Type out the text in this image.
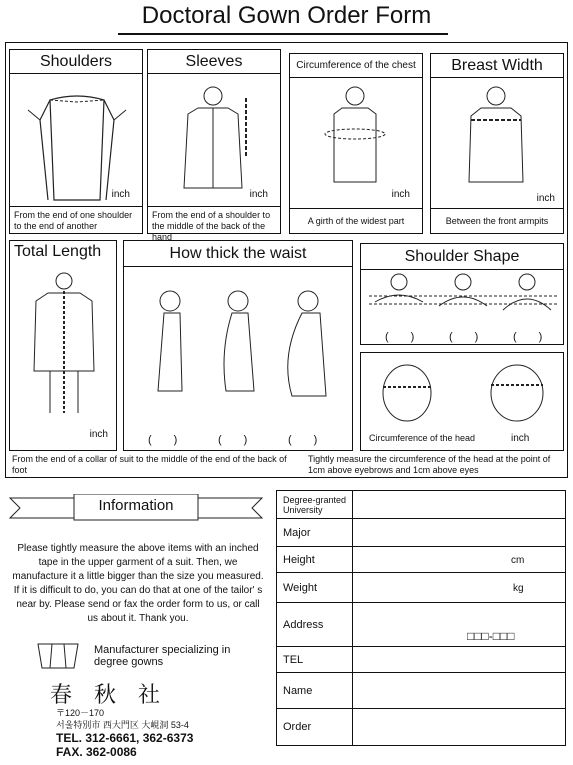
Doctoral Gown Order Form
Shoulders
inch
From the end of one shoulder to the end of another
Sleeves
inch
From the end of a shoulder to the middle of the back of the hand
Circumference of the chest
inch
A girth of the widest part
Breast Width
inch
Between the front armpits
Total Length
inch
How thick the waist
(　　)	(　　)	(　　)
Shoulder Shape
(　　)	(　　)	(　　)
Circumference of the head	inch
From the end of a collar of suit to the middle of the end of the back of foot
Tightly measure the circumference of the head at the point of 1cm above eyebrows and 1cm above eyes
Information
Please tightly measure the above items with an inched tape in the upper garment of a suit. Then, we manufacture it a little bigger than the size you measured. If it is difficult to do, you can do that at one of the tailor' s near by. Please send or fax the order form to us, or call us about it. Thank you.
Manufacturer specializing in degree gowns
春　秋　社
〒120－170
서울特別市 西大門区 大峴洞 53-4
TEL. 312-6661, 362-6373
FAX. 362-0086
Degree-granted University
Major
Height	cm
Weight	kg
Address
□□□-□□□
TEL
Name
Order
